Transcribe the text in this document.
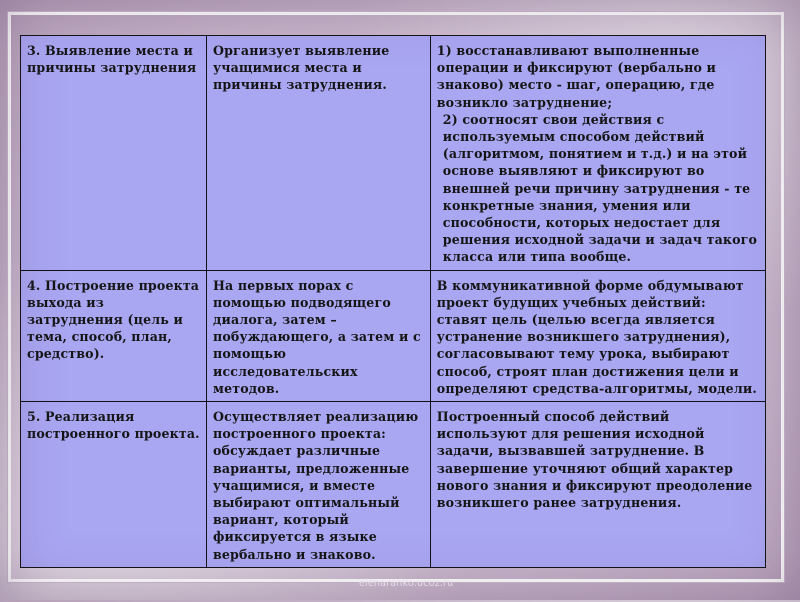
3. Выявление места и причины затруднения	Организует выявление учащимися места и причины затруднения.	1) восстанавливают выполненные операции и фиксируют (вербально и знаково) место - шаг, операцию, где возникло затруднение;
2) соотносят свои действия с используемым способом действий (алгоритмом, понятием и т.д.) и на этой основе выявляют и фиксируют во внешней речи причину затруднения - те конкретные знания, умения или способности, которых недостает для решения исходной задачи и задач такого класса или типа вообще.

4. Построение проекта выхода из затруднения (цель и тема, способ, план, средство).	На первых порах с помощью подводящего диалога, затем – побуждающего, а затем и с помощью исследовательских методов.	В коммуникативной форме обдумывают проект будущих учебных действий: ставят цель (целью всегда является устранение возникшего затруднения), согласовывают тему урока, выбирают способ, строят план достижения цели и определяют средства-алгоритмы, модели.
5. Реализация построенного проекта.	Осуществляет реализацию построенного проекта: обсуждает различные варианты, предложенные учащимися, и вместе выбирают оптимальный вариант, который фиксируется в языке вербально и знаково.	Построенный способ действий используют для решения исходной задачи, вызвавшей затруднение. В завершение уточняют общий характер нового знания и фиксируют преодоление возникшего ранее затруднения.
elenaranko.ucoz.ru
